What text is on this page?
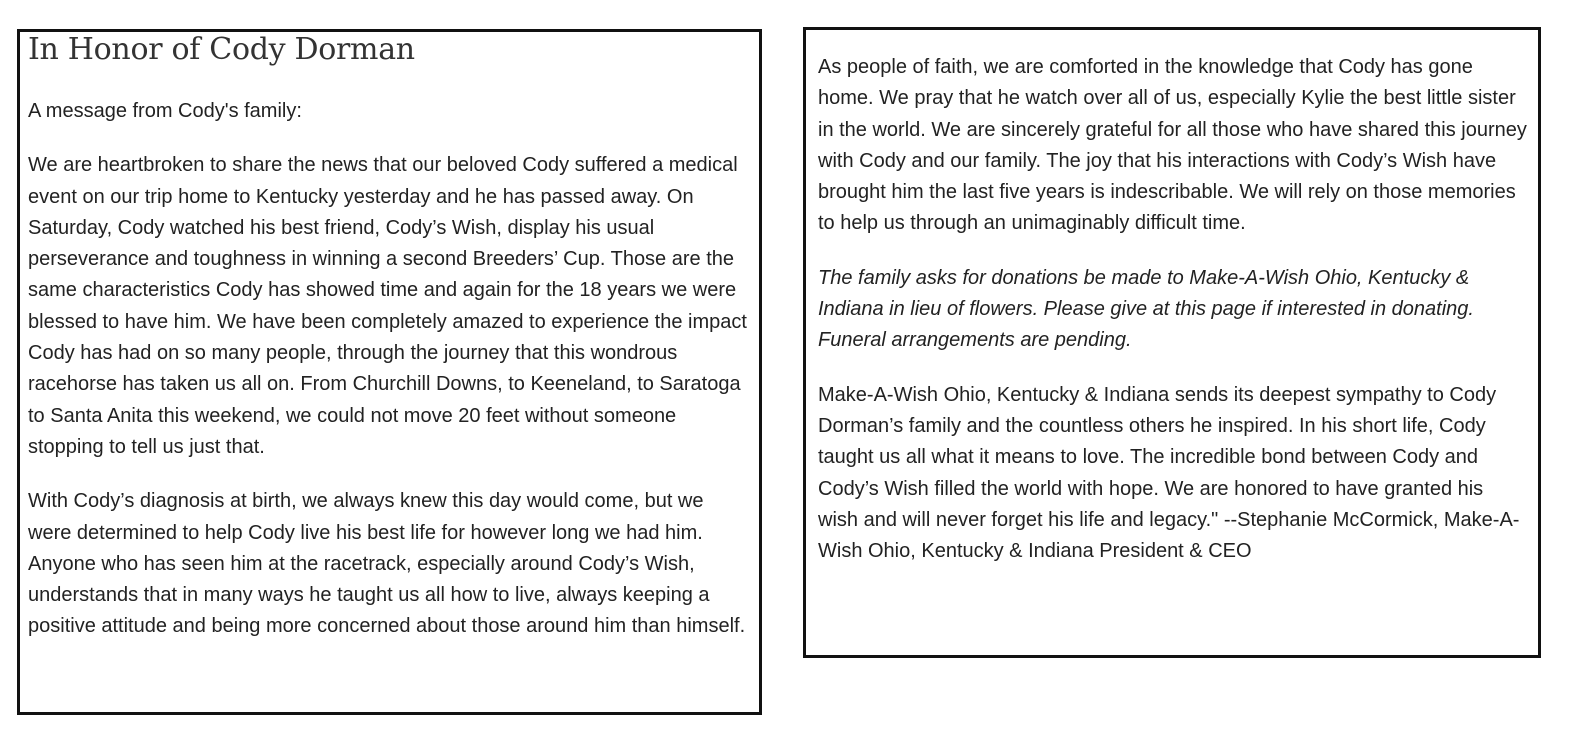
In Honor of Cody Dorman

A message from Cody's family:

We are heartbroken to share the news that our beloved Cody suffered a medical event on our trip home to Kentucky yesterday and he has passed away. On Saturday, Cody watched his best friend, Cody’s Wish, display his usual perseverance and toughness in winning a second Breeders’ Cup. Those are the same characteristics Cody has showed time and again for the 18 years we were blessed to have him. We have been completely amazed to experience the impact Cody has had on so many people, through the journey that this wondrous racehorse has taken us all on. From Churchill Downs, to Keeneland, to Saratoga to Santa Anita this weekend, we could not move 20 feet without someone stopping to tell us just that.

With Cody’s diagnosis at birth, we always knew this day would come, but we were determined to help Cody live his best life for however long we had him. Anyone who has seen him at the racetrack, especially around Cody’s Wish, understands that in many ways he taught us all how to live, always keeping a positive attitude and being more concerned about those around him than himself.

As people of faith, we are comforted in the knowledge that Cody has gone home. We pray that he watch over all of us, especially Kylie the best little sister in the world. We are sincerely grateful for all those who have shared this journey with Cody and our family. The joy that his interactions with Cody’s Wish have brought him the last five years is indescribable. We will rely on those memories to help us through an unimaginably difficult time.

The family asks for donations be made to Make-A-Wish Ohio, Kentucky & Indiana in lieu of flowers. Please give at this page if interested in donating. Funeral arrangements are pending.

Make-A-Wish Ohio, Kentucky & Indiana sends its deepest sympathy to Cody Dorman’s family and the countless others he inspired. In his short life, Cody taught us all what it means to love. The incredible bond between Cody and Cody’s Wish filled the world with hope. We are honored to have granted his wish and will never forget his life and legacy." --Stephanie McCormick, Make-A-Wish Ohio, Kentucky & Indiana President & CEO
